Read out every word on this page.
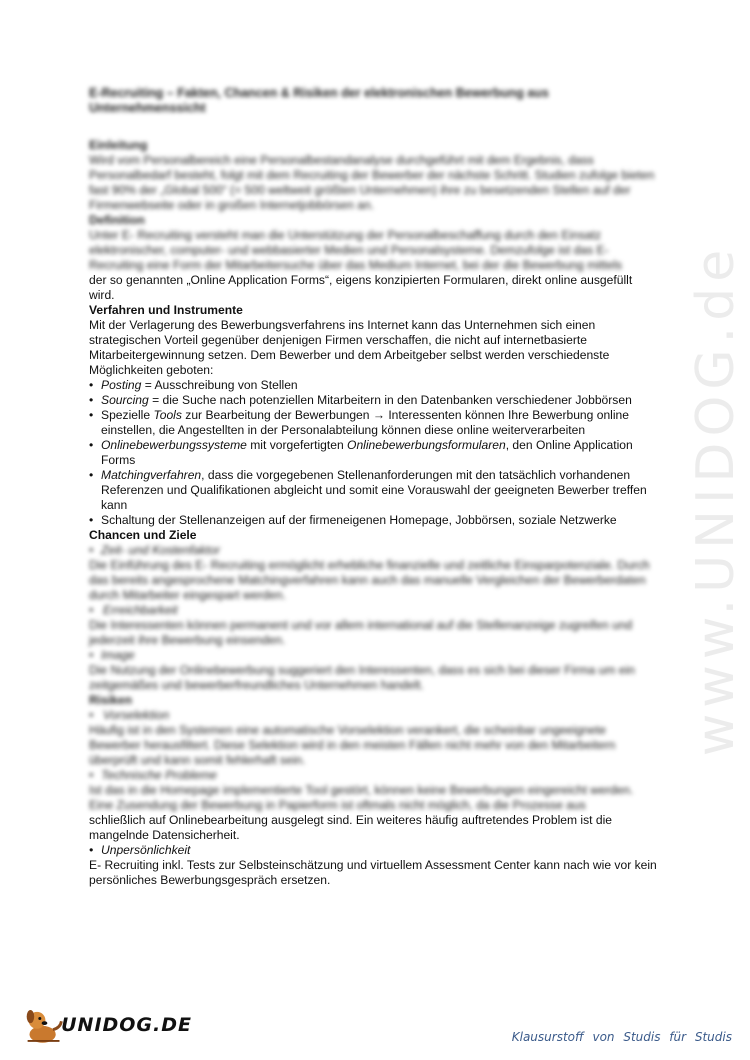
www.UNIDOG.de

E-Recruiting – Fakten, Chancen & Risiken der elektronischen Bewerbung aus Unternehmenssicht

Einleitung

Wird vom Personalbereich eine Personalbestandanalyse durchgeführt mit dem Ergebnis, dass Personalbedarf besteht, folgt mit dem Recruiting der Bewerber der nächste Schritt. Studien zufolge bieten fast 90% der „Global 500“ (= 500 weltweit größten Unternehmen) ihre zu besetzenden Stellen auf der Firmenwebseite oder in großen Internetjobbörsen an.

Definition

Unter E- Recruiting versteht man die Unterstützung der Personalbeschaffung durch den Einsatz elektronischer, computer- und webbasierter Medien und Personalsysteme. Demzufolge ist das E-Recruiting eine Form der Mitarbeitersuche über das Medium Internet, bei der die Bewerbung mittels

der so genannten „Online Application Forms“, eigens konzipierten Formularen, direkt online ausgefüllt wird.

Verfahren und Instrumente

Mit der Verlagerung des Bewerbungsverfahrens ins Internet kann das Unternehmen sich einen strategischen Vorteil gegenüber denjenigen Firmen verschaffen, die nicht auf internetbasierte Mitarbeitergewinnung setzen. Dem Bewerber und dem Arbeitgeber selbst werden verschiedenste Möglichkeiten geboten:

• Posting = Ausschreibung von Stellen
• Sourcing = die Suche nach potenziellen Mitarbeitern in den Datenbanken verschiedener Jobbörsen
• Spezielle Tools zur Bearbeitung der Bewerbungen → Interessenten können Ihre Bewerbung online einstellen, die Angestellten in der Personalabteilung können diese online weiterverarbeiten
• Onlinebewerbungssysteme mit vorgefertigten Onlinebewerbungsformularen, den Online Application Forms
• Matchingverfahren, dass die vorgegebenen Stellenanforderungen mit den tatsächlich vorhandenen Referenzen und Qualifikationen abgleicht und somit eine Vorauswahl der geeigneten Bewerber treffen kann
• Schaltung der Stellenanzeigen auf der firmeneigenen Homepage, Jobbörsen, soziale Netzwerke

Chancen und Ziele

• Zeit- und Kostenfaktor

Die Einführung des E- Recruiting ermöglicht erhebliche finanzielle und zeitliche Einsparpotenziale. Durch das bereits angesprochene Matchingverfahren kann auch das manuelle Vergleichen der Bewerberdaten durch Mitarbeiter eingespart werden.

• Erreichbarkeit

Die Interessenten können permanent und vor allem international auf die Stellenanzeige zugreifen und jederzeit ihre Bewerbung einsenden.

• Image

Die Nutzung der Onlinebewerbung suggeriert den Interessenten, dass es sich bei dieser Firma um ein zeitgemäßes und bewerberfreundliches Unternehmen handelt.

Risiken

• Vorselektion

Häufig ist in den Systemen eine automatische Vorselektion verankert, die scheinbar ungeeignete Bewerber herausfiltert. Diese Selektion wird in den meisten Fällen nicht mehr von den Mitarbeitern überprüft und kann somit fehlerhaft sein.

• Technische Probleme

Ist das in die Homepage implementierte Tool gestört, können keine Bewerbungen eingereicht werden. Eine Zusendung der Bewerbung in Papierform ist oftmals nicht möglich, da die Prozesse aus

schließlich auf Onlinebearbeitung ausgelegt sind. Ein weiteres häufig auftretendes Problem ist die mangelnde Datensicherheit.

• Unpersönlichkeit

E- Recruiting inkl. Tests zur Selbsteinschätzung und virtuellem Assessment Center kann nach wie vor kein persönliches Bewerbungsgespräch ersetzen.

UNIDOG.DE
Klausurstoff von Studis für Studis
